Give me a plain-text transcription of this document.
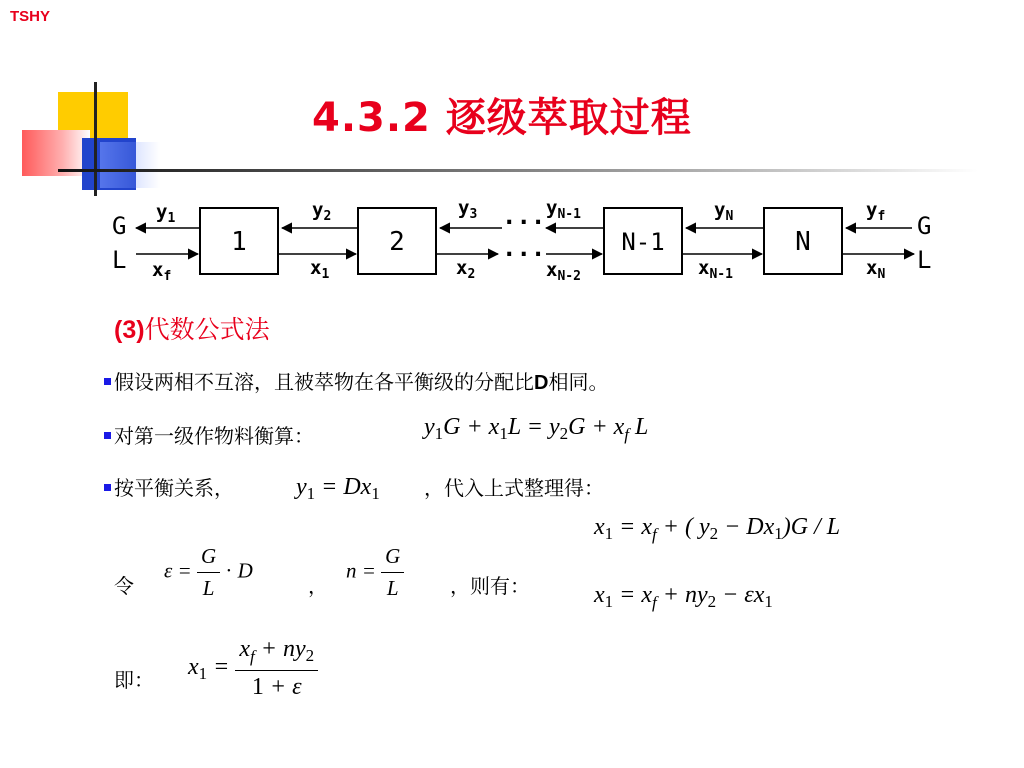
TSHY
4.3.2 逐级萃取过程
G
L
G
L
1	2	N-1	N
···
···
$y_1$	$y_2$	$y_3$	$y_{N-1}$	$y_N$	$y_f$
$x_f$	$x_1$	$x_2$	$x_{N-2}$	$x_{N-1}$	$x_N$
(3)代数公式法
假设两相不互溶，且被萃物在各平衡级的分配比D相同。
对第一级作物料衡算：	$y_1G + x_1L = y_2G + x_f$ L
按平衡关系，	$y_1 = Dx_1$ ，代入上式整理得：
$x_1 = x_f$ + ( $y_2 - Dx_1)G / L$
令
$\varepsilon = \frac{G}{L} \cdot D$
，
$n = \frac{G}{L}$ ，则有：	$x_1 = x_f + ny_2 - \varepsilon x_1$
即： $x_1 = \frac{x_f + ny_2}{1 + \varepsilon}$
